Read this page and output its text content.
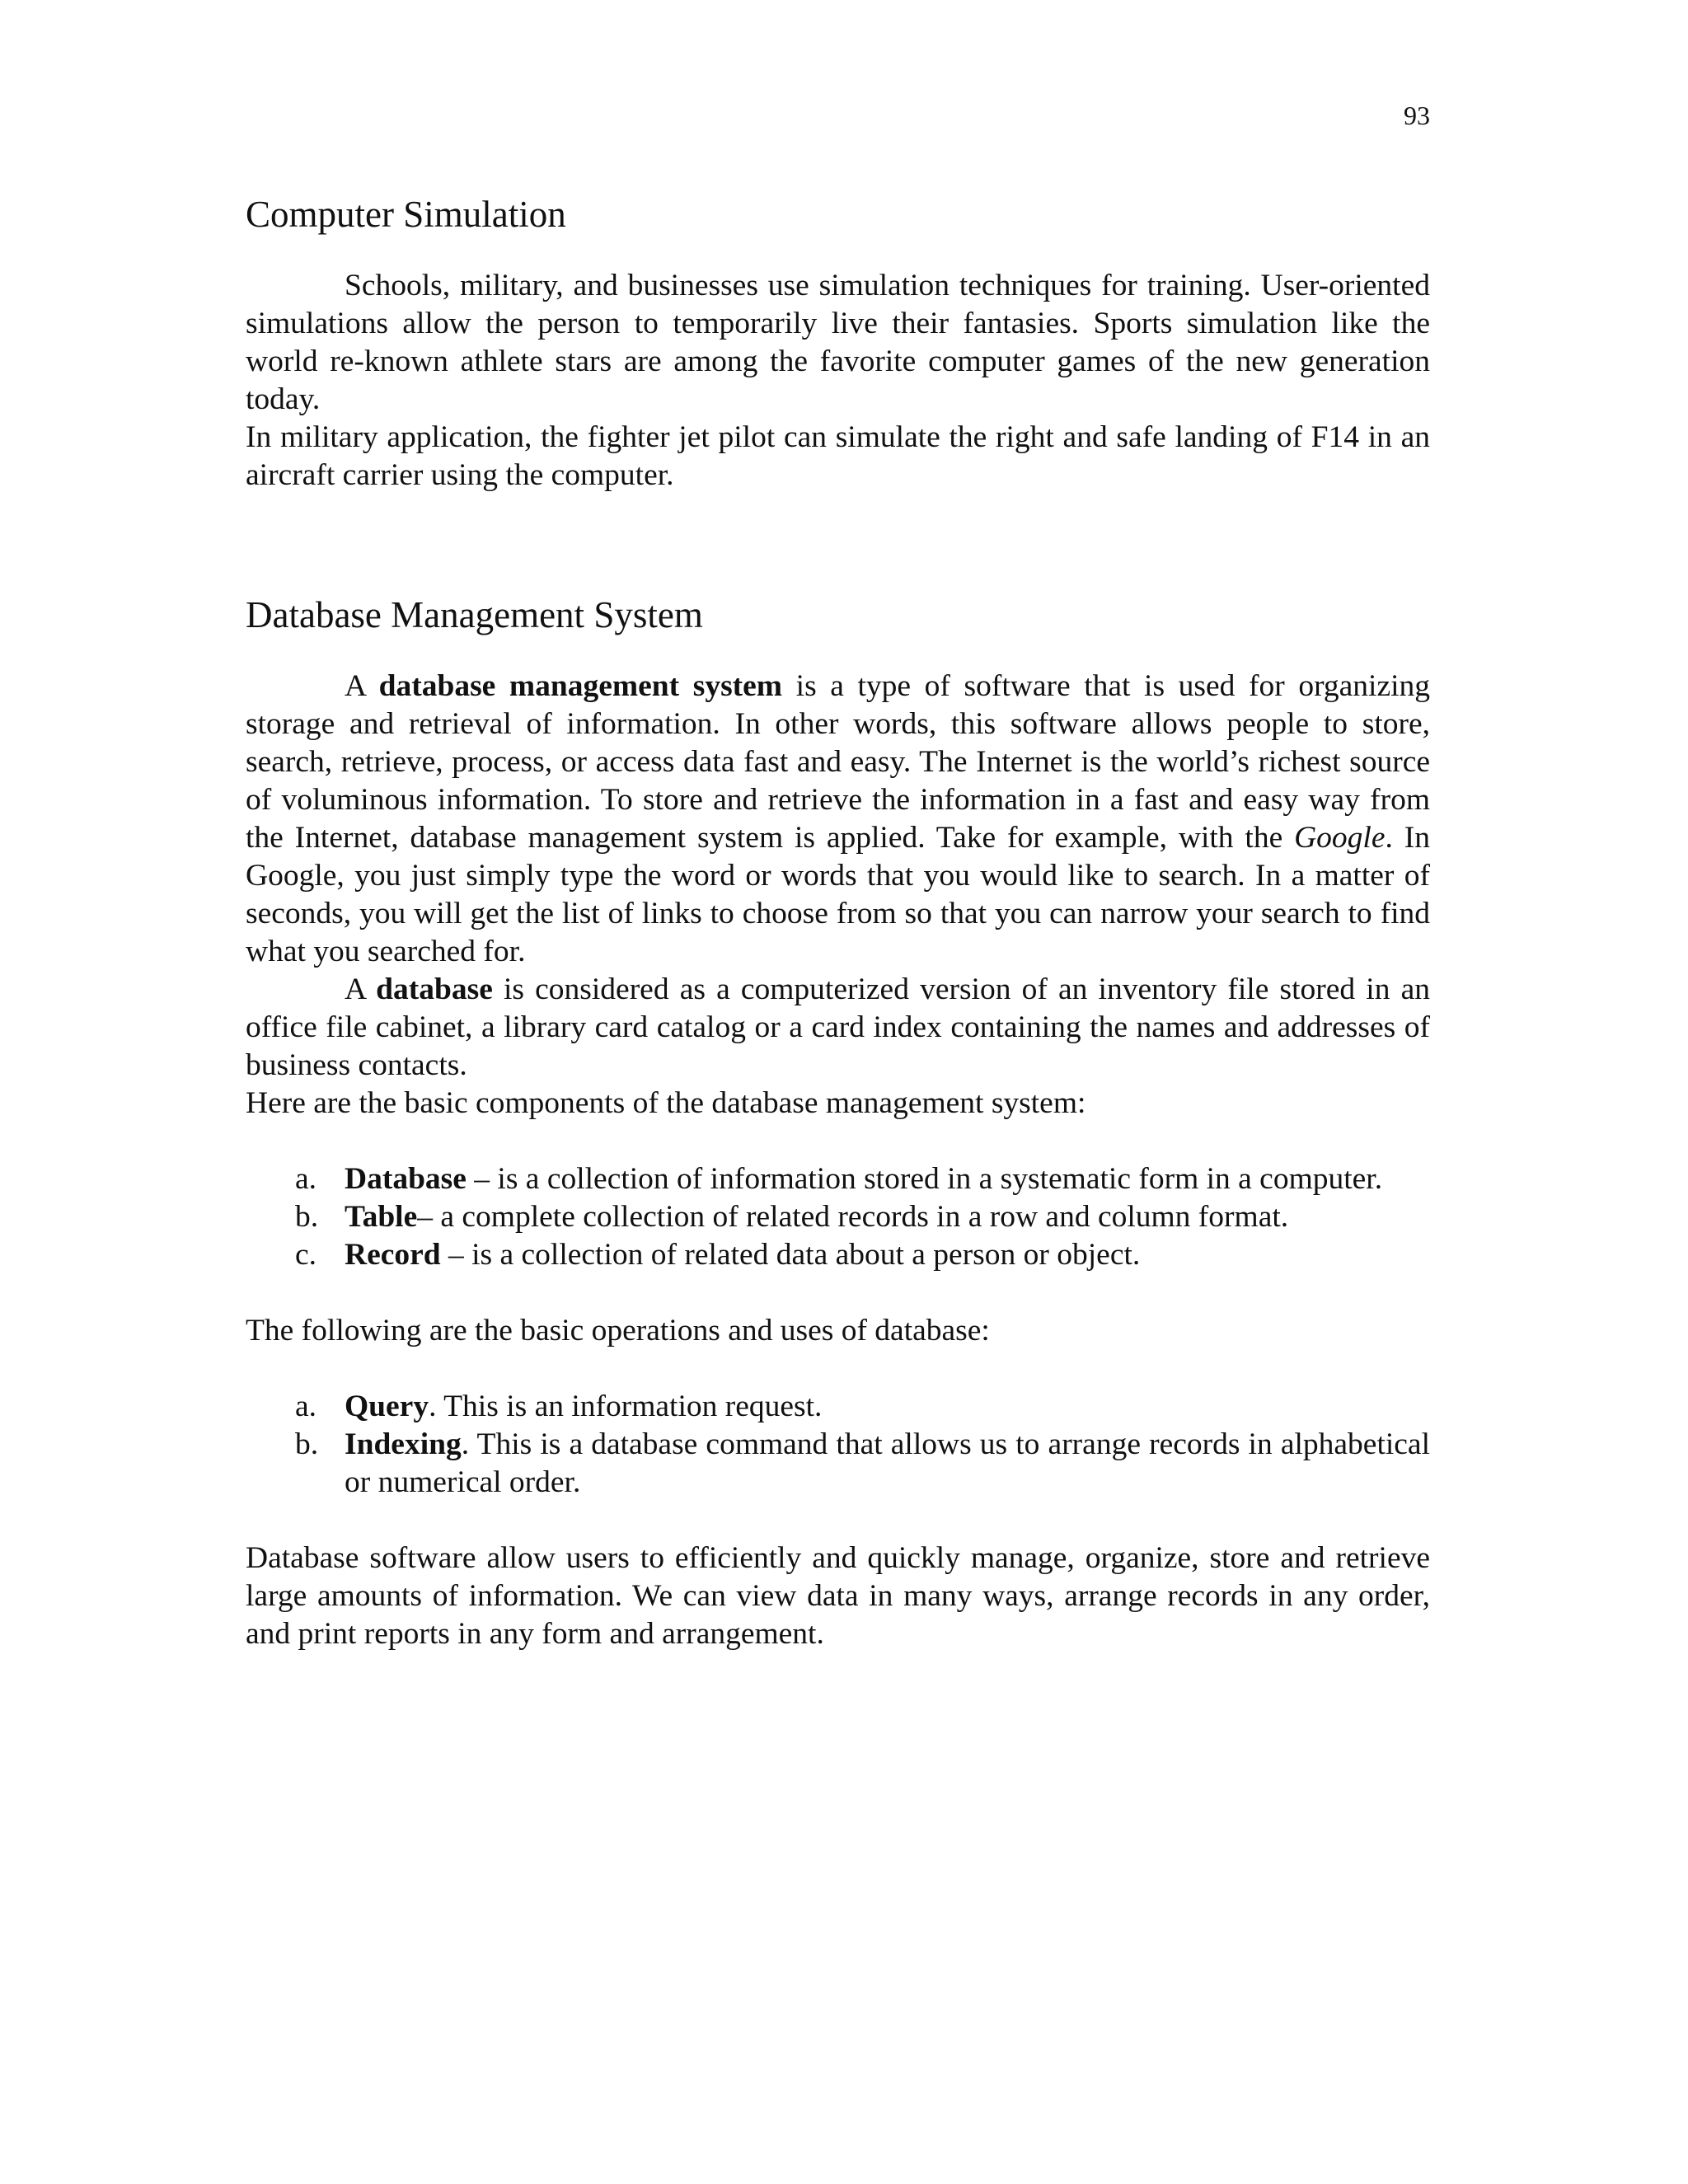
93
Computer Simulation

Schools, military, and businesses use simulation techniques for training. User-oriented simulations allow the person to temporarily live their fantasies. Sports simulation like the world re-known athlete stars are among the favorite computer games of the new generation today.

In military application, the fighter jet pilot can simulate the right and safe landing of F14 in an aircraft carrier using the computer.

Database Management System

A database management system is a type of software that is used for organizing storage and retrieval of information. In other words, this software allows people to store, search, retrieve, process, or access data fast and easy. The Internet is the world’s richest source of voluminous information. To store and retrieve the information in a fast and easy way from the Internet, database management system is applied. Take for example, with the Google. In Google, you just simply type the word or words that you would like to search. In a matter of seconds, you will get the list of links to choose from so that you can narrow your search to find what you searched for.

A database is considered as a computerized version of an inventory file stored in an office file cabinet, a library card catalog or a card index containing the names and addresses of business contacts.

Here are the basic components of the database management system:

a. Database – is a collection of information stored in a systematic form in a computer.
b. Table– a complete collection of related records in a row and column format.
c. Record – is a collection of related data about a person or object.

The following are the basic operations and uses of database:

a. Query. This is an information request.
b. Indexing. This is a database command that allows us to arrange records in alphabetical or numerical order.

Database software allow users to efficiently and quickly manage, organize, store and retrieve large amounts of information. We can view data in many ways, arrange records in any order, and print reports in any form and arrangement.
